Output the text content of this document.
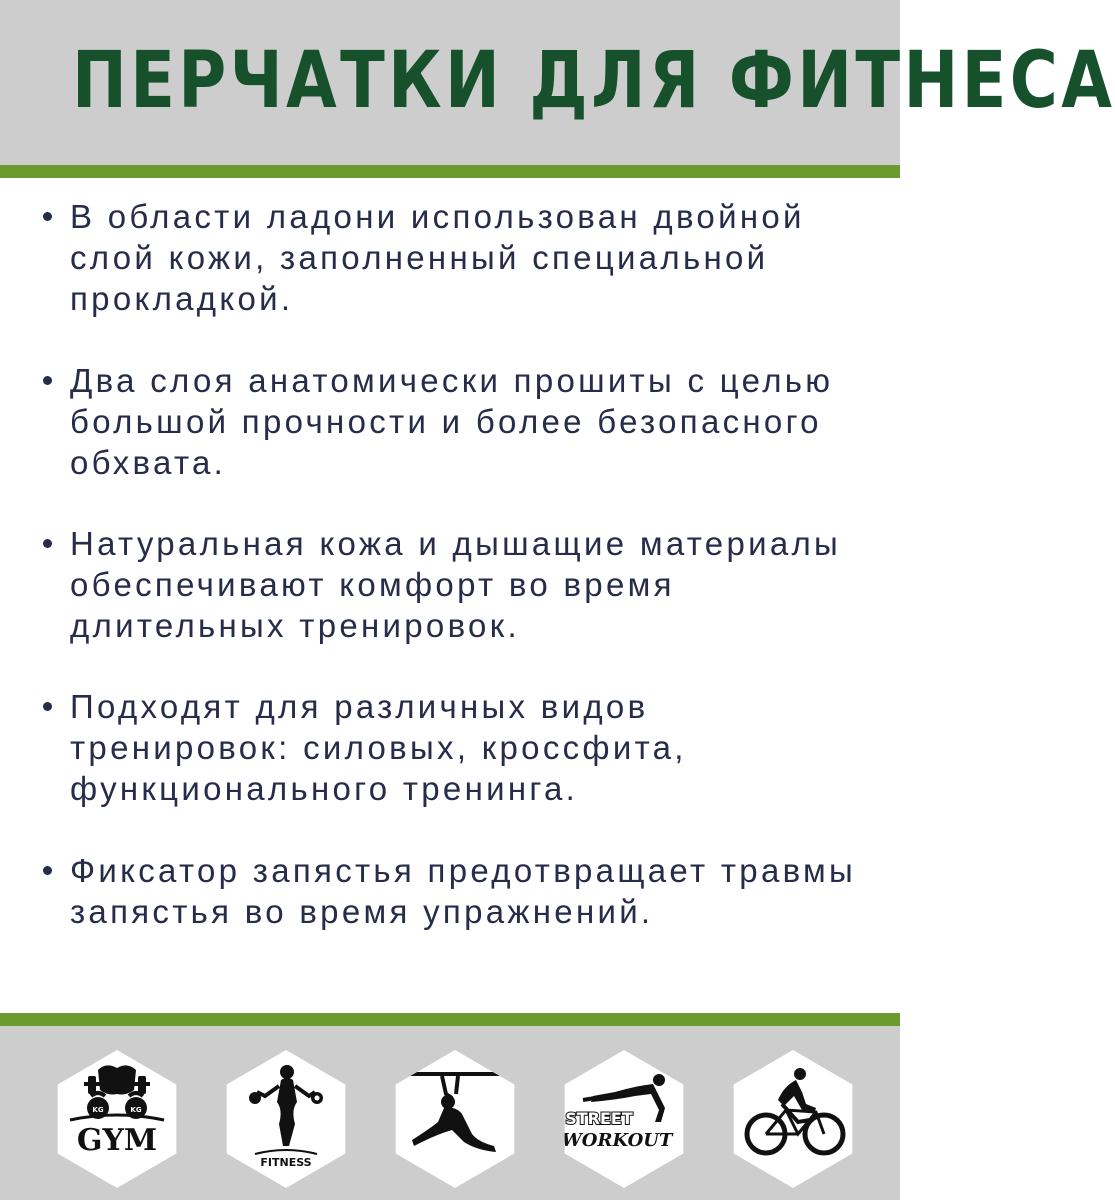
ПЕРЧАТКИ ДЛЯ ФИТНЕСА
В области ладони использован двойной слой кожи, заполненный специальной прокладкой.
Два слоя анатомически прошиты с целью большой прочности и более безопасного обхвата.
Натуральная кожа и дышащие материалы обеспечивают комфорт во время длительных тренировок.
Подходят для различных видов тренировок: силовых, кроссфита, функционального тренинга.
Фиксатор запястья предотвращает травмы запястья во время упражнений.
KG	KG
GYM
FITNESS
STREET
WORKOUT
